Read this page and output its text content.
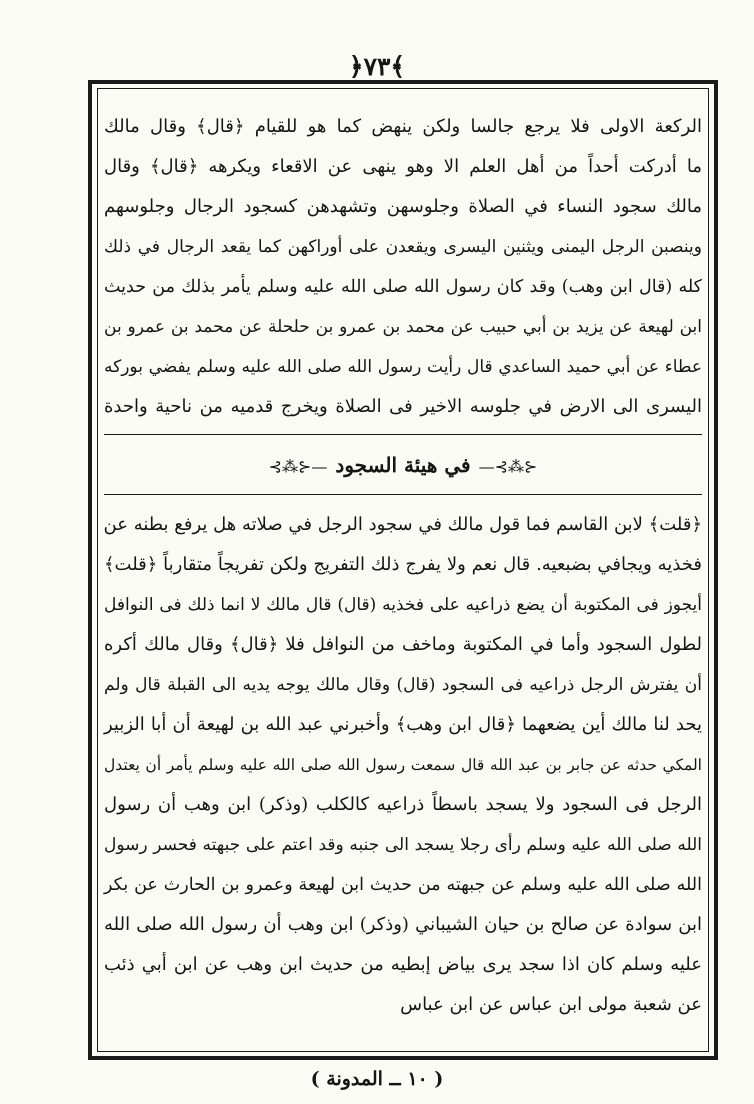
﴿٧٣﴾
الركعة الاولى فلا يرجع جالسا ولكن ينهض كما هو للقيام ﴿قال﴾ وقال مالك
ما أدركت أحداً من أهل العلم الا وهو ينهى عن الاقعاء ويكرهه ﴿قال﴾ وقال
مالك سجود النساء في الصلاة وجلوسهن وتشهدهن كسجود الرجال وجلوسهم
وينصبن الرجل اليمنى ويثنين اليسرى ويقعدن على أوراكهن كما يقعد الرجال في ذلك
كله (قال ابن وهب) وقد كان رسول الله صلى الله عليه وسلم يأمر بذلك من حديث
ابن لهيعة عن يزيد بن أبي حبيب عن محمد بن عمرو بن حلحلة عن محمد بن عمرو بن
عطاء عن أبي حميد الساعدي قال رأيت رسول الله صلى الله عليه وسلم يفضي بوركه
اليسرى الى الارض في جلوسه الاخير فى الصلاة ويخرج قدميه من ناحية واحدة
⊰⁂⊱—في هيئة السجود—⊰⁂⊱
﴿قلت﴾ لابن القاسم فما قول مالك في سجود الرجل في صلاته هل يرفع بطنه عن
فخذيه ويجافي بضبعيه. قال نعم ولا يفرج ذلك التفريج ولكن تفريجاً متقارباً ﴿قلت﴾
أيجوز فى المكتوبة أن يضع ذراعيه على فخذيه (قال) قال مالك لا انما ذلك فى النوافل
لطول السجود وأما في المكتوبة وماخف من النوافل فلا ﴿قال﴾ وقال مالك أكره
أن يفترش الرجل ذراعيه فى السجود (قال) وقال مالك يوجه يديه الى القبلة قال ولم
يحد لنا مالك أين يضعهما ﴿قال ابن وهب﴾ وأخبرني عبد الله بن لهيعة أن أبا الزبير
المكي حدثه عن جابر بن عبد الله قال سمعت رسول الله صلى الله عليه وسلم يأمر أن يعتدل
الرجل فى السجود ولا يسجد باسطاً ذراعيه كالكلب (وذكر) ابن وهب أن رسول
الله صلى الله عليه وسلم رأى رجلا يسجد الى جنبه وقد اعتم على جبهته فحسر رسول
الله صلى الله عليه وسلم عن جبهته من حديث ابن لهيعة وعمرو بن الحارث عن بكر
ابن سوادة عن صالح بن حيان الشيباني (وذكر) ابن وهب أن رسول الله صلى الله
عليه وسلم كان اذا سجد يرى بياض إبطيه من حديث ابن وهب عن ابن أبي ذئب
عن شعبة مولى ابن عباس عن ابن عباس
( ١٠ ــ المدونة )
